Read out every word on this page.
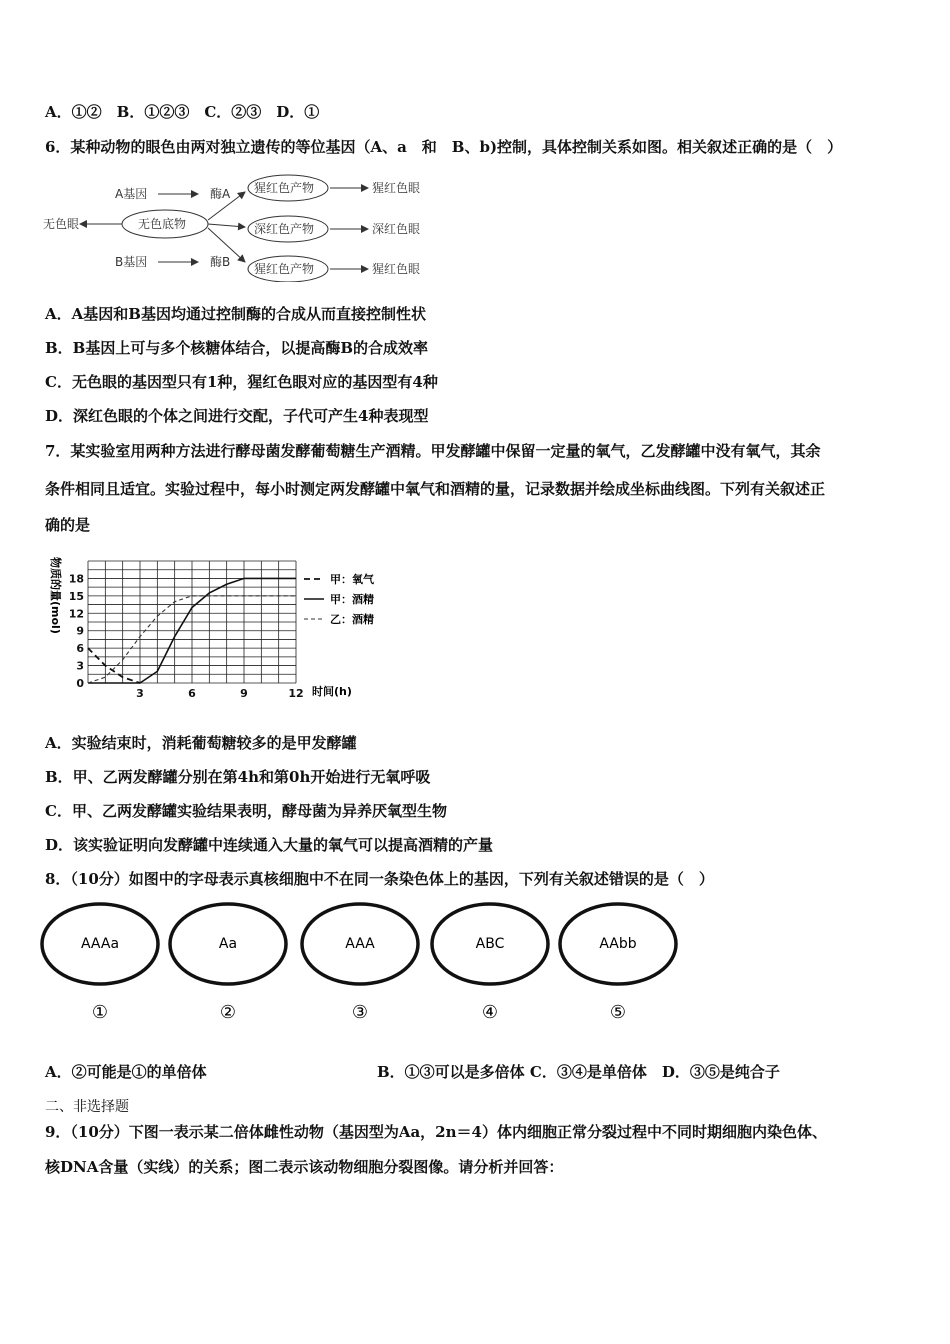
A．①②　B．①②③　C．②③　D．①
6．某种动物的眼色由两对独立遗传的等位基因（A、a　和　B、b)控制，具体控制关系如图。相关叙述正确的是（　）
A基因	酶A
B基因	酶B
无色底物
无色眼
猩红色产物
深红色产物
猩红色产物
猩红色眼
深红色眼
猩红色眼
A．A基因和B基因均通过控制酶的合成从而直接控制性状
B．B基因上可与多个核糖体结合，以提高酶B的合成效率
C．无色眼的基因型只有1种，猩红色眼对应的基因型有4种
D．深红色眼的个体之间进行交配，子代可产生4种表现型
7．某实验室用两种方法进行酵母菌发酵葡萄糖生产酒精。甲发酵罐中保留一定量的氧气，乙发酵罐中没有氧气，其余
条件相同且适宜。实验过程中，每小时测定两发酵罐中氧气和酒精的量，记录数据并绘成坐标曲线图。下列有关叙述正
确的是
0
3
6
9
12
15
18
3	6	9	12
物质的量(mol)
时间(h)
甲：氧气
甲：酒精
乙：酒精
A．实验结束时，消耗葡萄糖较多的是甲发酵罐
B．甲、乙两发酵罐分别在第4h和第0h开始进行无氧呼吸
C．甲、乙两发酵罐实验结果表明，酵母菌为异养厌氧型生物
D．该实验证明向发酵罐中连续通入大量的氧气可以提高酒精的产量
8．（10分）如图中的字母表示真核细胞中不在同一条染色体上的基因，下列有关叙述错误的是（　）
AAAa
①
Aa
②
AAA
③
ABC
④
AAbb
⑤
A．②可能是①的单倍体	B．①③可以是多倍体 C．③④是单倍体　D．③⑤是纯合子
二、非选择题
9．（10分）下图一表示某二倍体雌性动物（基因型为Aa，2n＝4）体内细胞正常分裂过程中不同时期细胞内染色体、
核DNA含量（实线）的关系；图二表示该动物细胞分裂图像。请分析并回答：
